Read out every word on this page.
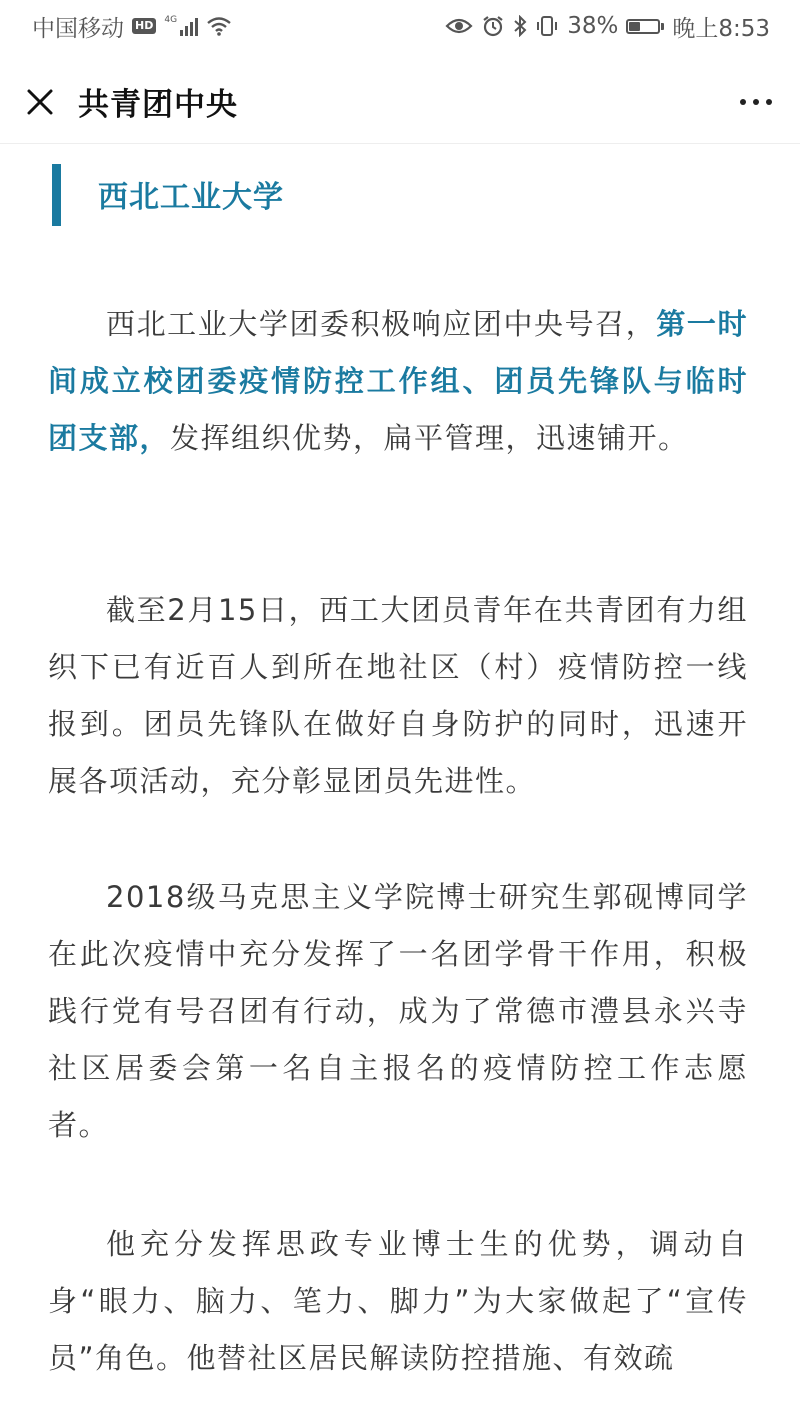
中国移动 HD	4G	38% 晚上8:53
共青团中央
西北工业大学

西北工业大学团委积极响应团中央号召，第一时间成立校团委疫情防控工作组、团员先锋队与临时团支部，发挥组织优势，扁平管理，迅速铺开。

截至2月15日，西工大团员青年在共青团有力组织下已有近百人到所在地社区（村）疫情防控一线报到。团员先锋队在做好自身防护的同时，迅速开展各项活动，充分彰显团员先进性。

2018级马克思主义学院博士研究生郭砚博同学在此次疫情中充分发挥了一名团学骨干作用，积极践行党有号召团有行动，成为了常德市澧县永兴寺社区居委会第一名自主报名的疫情防控工作志愿者。

他充分发挥思政专业博士生的优势，调动自身“眼力、脑力、笔力、脚力”为大家做起了“宣传员”角色。他替社区居民解读防控措施、有效疏
